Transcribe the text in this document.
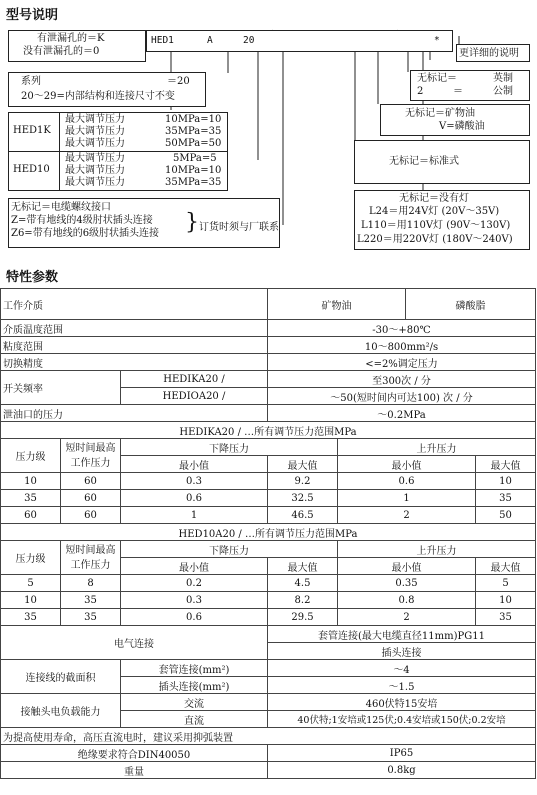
型号说明
有泄漏孔的＝K
没有泄漏孔的＝0
HED1	A	20	*
更详细的说明
系列	＝20
20～29=内部结构和连接尺寸不变
HED1K
最大调节压力	10MPa=10
最大调节压力	35MPa=35
最大调节压力	50MPa=50
HED10
最大调节压力	5MPa=5
最大调节压力	10MPa=10
最大调节压力	35MPa=35
无标记＝电缆螺纹接口
Z=带有地线的4级肘状插头连接
Z6=带有地线的6级肘状插头连接 } 订货时须与厂联系
无标记＝	英制
2	＝	公制
无标记＝矿物油
V=磷酸油
无标记＝标准式
无标记＝没有灯
L24＝用24V灯 (20V～35V)
L110＝用110V灯 (90V～130V)
L220＝用220V灯 (180V～240V)
特性参数
工作介质			矿物油		磷酸脂	
介质温度范围			-30～+80℃			
粘度范围			10～800mm²/s			
切换精度			<=2%调定压力			
开关频率		HEDIKA20 /	至300次 / 分			
		HEDIOA20 /	～50(短时间内可达100) 次 / 分			
泄油口的压力			～0.2MPa			
HEDIKA20 / …所有调节压力范围MPa						
压力级	短时间最高
工作压力	下降压力		上升压力		
		最小值	最大值	最小值		最大值
10	60	0.3	9.2	0.6		10
35	60	0.6	32.5	1		35
60	60	1	46.5	2		50
HED10A20 / …所有调节压力范围MPa						
压力级	短时间最高
工作压力	下降压力		上升压力		
		最小值	最大值	最小值		最大值
5	8	0.2	4.5	0.35		5
10	35	0.3	8.2	0.8		10
35	35	0.6	29.5	2		35
电气连接			套管连接(最大电缆直径11mm)PG11			
			插头连接			
连接线的截面积		套管连接(mm²)	～4			
		插头连接(mm²)	～1.5			
接触头电负载能力		交流	460伏特15安培			
		直流	40伏特;1安培或125伏;0.4安培或150伏;0.2安培			
为提高使用寿命，高压直流电时，建议采用抑弧装置						
绝缘要求符合DIN40050			IP65			
重量			0.8kg			
